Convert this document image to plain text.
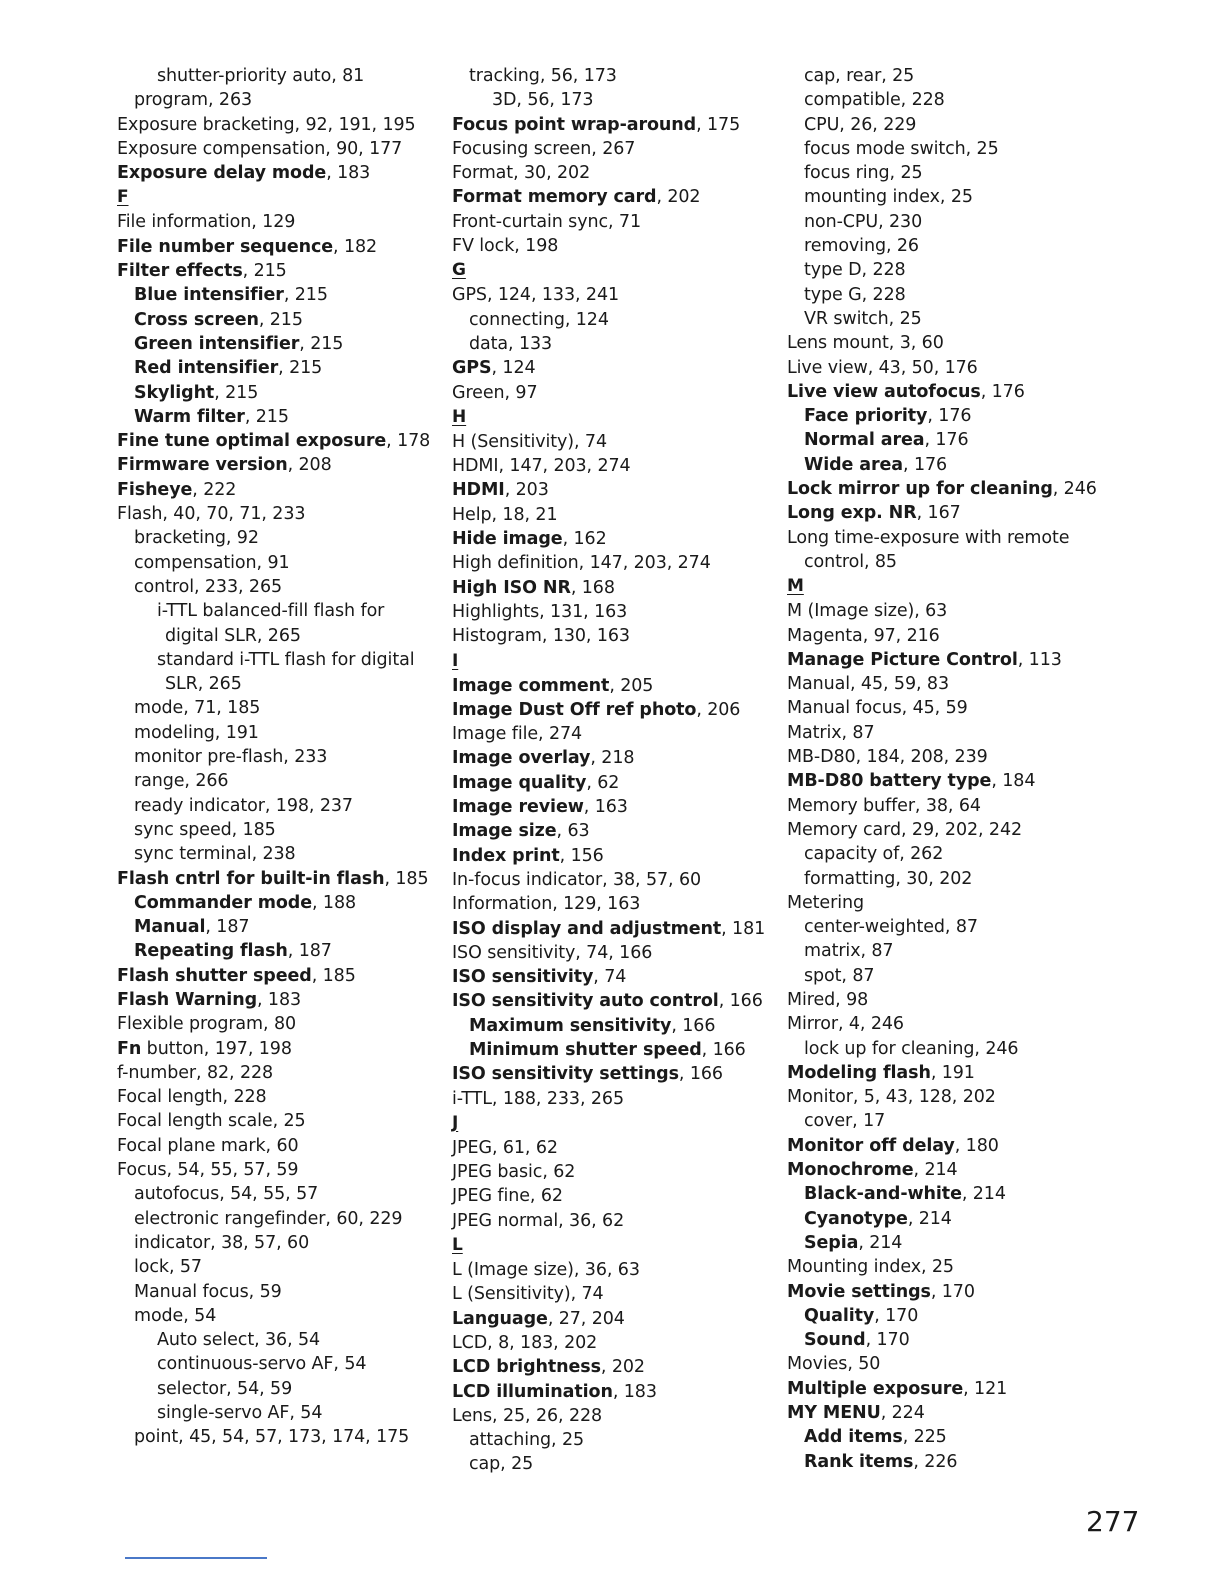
shutter-priority auto, 81
program, 263
Exposure bracketing, 92, 191, 195
Exposure compensation, 90, 177
Exposure delay mode, 183
F
File information, 129
File number sequence, 182
Filter effects, 215
Blue intensifier, 215
Cross screen, 215
Green intensifier, 215
Red intensifier, 215
Skylight, 215
Warm filter, 215
Fine tune optimal exposure, 178
Firmware version, 208
Fisheye, 222
Flash, 40, 70, 71, 233
bracketing, 92
compensation, 91
control, 233, 265
i-TTL balanced-fill flash for
digital SLR, 265
standard i-TTL flash for digital
SLR, 265
mode, 71, 185
modeling, 191
monitor pre-flash, 233
range, 266
ready indicator, 198, 237
sync speed, 185
sync terminal, 238
Flash cntrl for built-in flash, 185
Commander mode, 188
Manual, 187
Repeating flash, 187
Flash shutter speed, 185
Flash Warning, 183
Flexible program, 80
Fn button, 197, 198
f-number, 82, 228
Focal length, 228
Focal length scale, 25
Focal plane mark, 60
Focus, 54, 55, 57, 59
autofocus, 54, 55, 57
electronic rangefinder, 60, 229
indicator, 38, 57, 60
lock, 57
Manual focus, 59
mode, 54
Auto select, 36, 54
continuous-servo AF, 54
selector, 54, 59
single-servo AF, 54
point, 45, 54, 57, 173, 174, 175
tracking, 56, 173
3D, 56, 173
Focus point wrap-around, 175
Focusing screen, 267
Format, 30, 202
Format memory card, 202
Front-curtain sync, 71
FV lock, 198
G
GPS, 124, 133, 241
connecting, 124
data, 133
GPS, 124
Green, 97
H
H (Sensitivity), 74
HDMI, 147, 203, 274
HDMI, 203
Help, 18, 21
Hide image, 162
High definition, 147, 203, 274
High ISO NR, 168
Highlights, 131, 163
Histogram, 130, 163
I
Image comment, 205
Image Dust Off ref photo, 206
Image file, 274
Image overlay, 218
Image quality, 62
Image review, 163
Image size, 63
Index print, 156
In-focus indicator, 38, 57, 60
Information, 129, 163
ISO display and adjustment, 181
ISO sensitivity, 74, 166
ISO sensitivity, 74
ISO sensitivity auto control, 166
Maximum sensitivity, 166
Minimum shutter speed, 166
ISO sensitivity settings, 166
i-TTL, 188, 233, 265
J
JPEG, 61, 62
JPEG basic, 62
JPEG fine, 62
JPEG normal, 36, 62
L
L (Image size), 36, 63
L (Sensitivity), 74
Language, 27, 204
LCD, 8, 183, 202
LCD brightness, 202
LCD illumination, 183
Lens, 25, 26, 228
attaching, 25
cap, 25
cap, rear, 25
compatible, 228
CPU, 26, 229
focus mode switch, 25
focus ring, 25
mounting index, 25
non-CPU, 230
removing, 26
type D, 228
type G, 228
VR switch, 25
Lens mount, 3, 60
Live view, 43, 50, 176
Live view autofocus, 176
Face priority, 176
Normal area, 176
Wide area, 176
Lock mirror up for cleaning, 246
Long exp. NR, 167
Long time-exposure with remote
control, 85
M
M (Image size), 63
Magenta, 97, 216
Manage Picture Control, 113
Manual, 45, 59, 83
Manual focus, 45, 59
Matrix, 87
MB-D80, 184, 208, 239
MB-D80 battery type, 184
Memory buffer, 38, 64
Memory card, 29, 202, 242
capacity of, 262
formatting, 30, 202
Metering
center-weighted, 87
matrix, 87
spot, 87
Mired, 98
Mirror, 4, 246
lock up for cleaning, 246
Modeling flash, 191
Monitor, 5, 43, 128, 202
cover, 17
Monitor off delay, 180
Monochrome, 214
Black-and-white, 214
Cyanotype, 214
Sepia, 214
Mounting index, 25
Movie settings, 170
Quality, 170
Sound, 170
Movies, 50
Multiple exposure, 121
MY MENU, 224
Add items, 225
Rank items, 226
277
